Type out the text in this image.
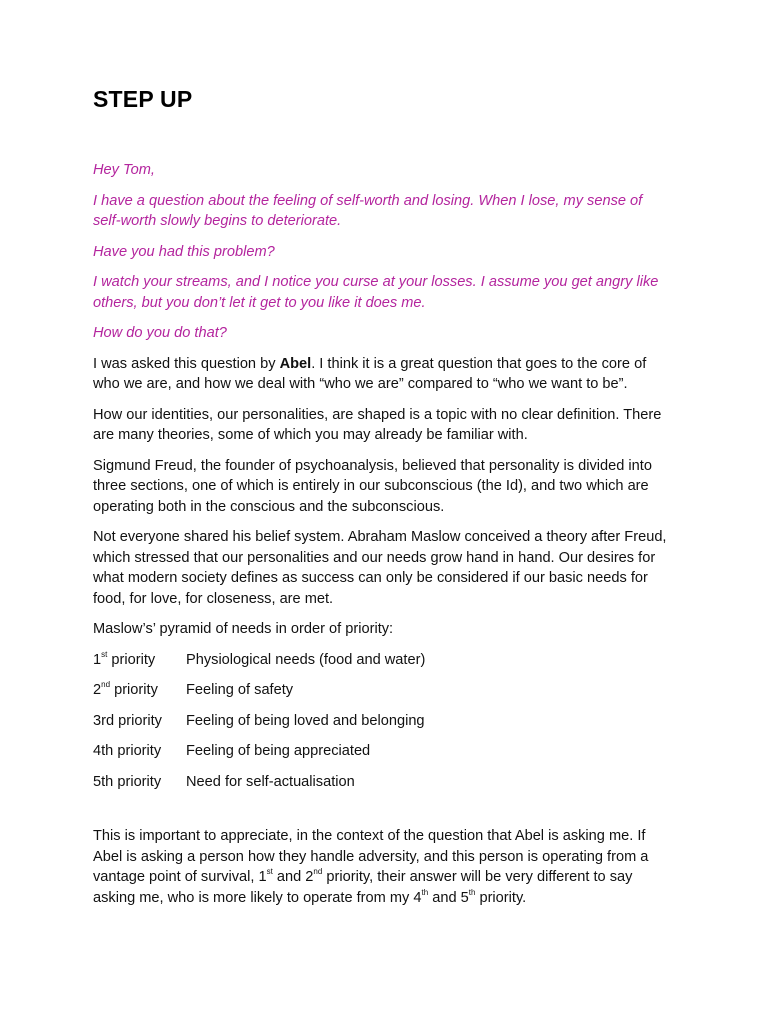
STEP UP

Hey Tom,

I have a question about the feeling of self-worth and losing. When I lose, my sense of self-worth slowly begins to deteriorate.

Have you had this problem?

I watch your streams, and I notice you curse at your losses. I assume you get angry like others, but you don’t let it get to you like it does me.

How do you do that?

I was asked this question by Abel. I think it is a great question that goes to the core of who we are, and how we deal with “who we are” compared to “who we want to be”.

How our identities, our personalities, are shaped is a topic with no clear definition. There are many theories, some of which you may already be familiar with.

Sigmund Freud, the founder of psychoanalysis, believed that personality is divided into three sections, one of which is entirely in our subconscious (the Id), and two which are operating both in the conscious and the subconscious.

Not everyone shared his belief system. Abraham Maslow conceived a theory after Freud, which stressed that our personalities and our needs grow hand in hand. Our desires for what modern society defines as success can only be considered if our basic needs for food, for love, for closeness, are met.

Maslow’s’ pyramid of needs in order of priority:

1st priority	Physiological needs (food and water)
2nd priority	Feeling of safety
3rd priority	Feeling of being loved and belonging
4th priority	Feeling of being appreciated
5th priority	Need for self-actualisation

This is important to appreciate, in the context of the question that Abel is asking me. If Abel is asking a person how they handle adversity, and this person is operating from a vantage point of survival, 1st and 2nd priority, their answer will be very different to say asking me, who is more likely to operate from my 4th and 5th priority.
